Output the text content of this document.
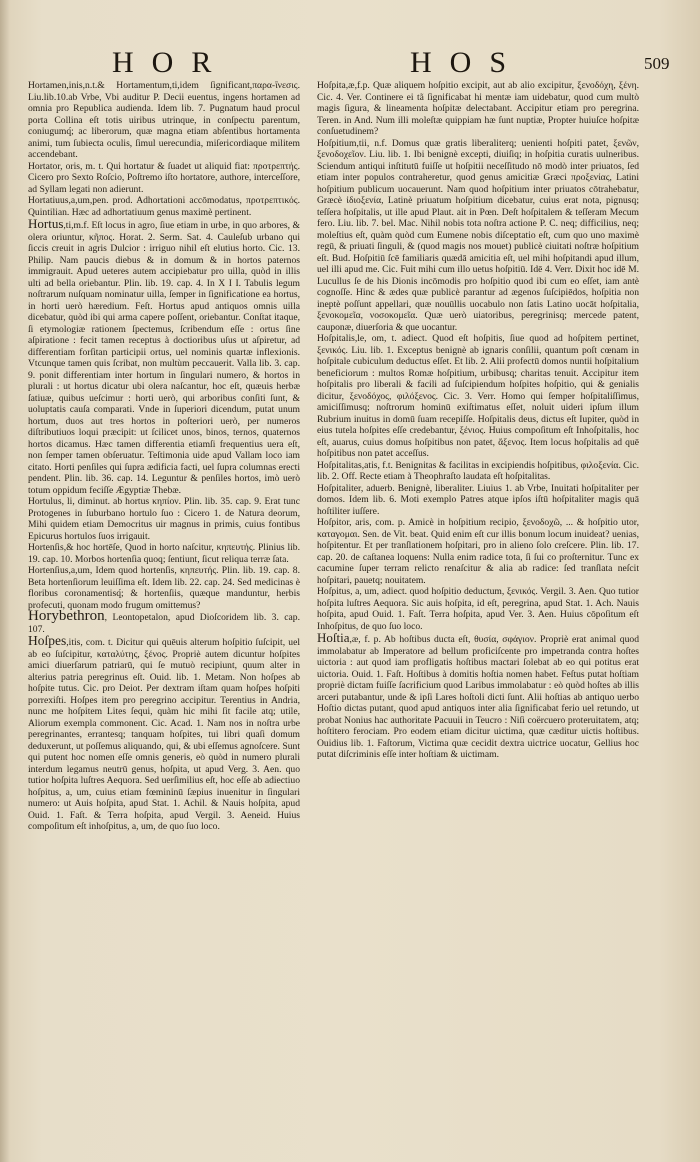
HOR	HOS	509

Hortamen,inis,n.t.& Hortamentum,ti,idem ſignificant,παρα-ΐνεσις. Liu.lib.10.ab Vrbe, Vbi auditur P. Decii euentus, ingens hortamen ad omnia pro Republica audienda. Idem lib. 7. Pugnatum haud procul porta Collina eſt totis uiribus utrinque, in conſpectu parentum, coniugumq́; ac liberorum, quæ magna etiam abſentibus hortamenta animi, tum ſubiecta oculis, ſimul uerecundia, miſericordiaque militem accendebant.

Hortator, oris, m. t. Qui hortatur & ſuadet ut aliquid fiat: προτρεπτής. Cicero pro Sexto Roſcio, Poſtremo iſto hortatore, authore, interceſſore, ad Syllam legati non adierunt.

Hortatiuus,a,um,pen. prod. Adhortationi accōmodatus, προτρεπτικός. Quintilian. Hæc ad adhortatiuum genus maximè pertinent.

Hortus,ti,m.f. Eſt locus in agro, ſiue etiam in urbe, in quo arbores, & olera oriuntur, κῆπος. Horat. 2. Serm. Sat. 4. Cauleſub urbano qui ſiccis creuit in agris Dulcior : irriguo nihil eſt elutius horto. Cic. 13. Philip. Nam paucis diebus & in domum & in hortos paternos immigrauit. Apud ueteres autem accipiebatur pro uilla, quòd in illis ulti ad bella oriebantur. Plin. lib. 19. cap. 4. In X I I. Tabulis legum noſtrarum nuſquam nominatur uilla, ſemper in ſignificatione ea hortus, in horti uerò hæredium. Feſt. Hortus apud antiquos omnis uilla dicebatur, quòd ibi qui arma capere poſſent, oriebantur. Conſtat itaque, ſi etymologiæ rationem ſpectemus, ſcribendum eſſe : ortus ſine aſpiratione : fecit tamen receptus à doctioribus uſus ut aſpiretur, ad differentiam forſitan participii ortus, uel nominis quartæ inflexionis. Vtcunque tamen quis ſcribat, non multùm peccauerit. Valla lib. 3. cap. 9. ponit differentiam inter hortum in ſingulari numero, & hortos in plurali : ut hortus dicatur ubi olera naſcantur, hoc eſt, quæuis herbæ ſatiuæ, quibus ueſcimur : horti uerò, qui arboribus conſiti ſunt, & uoluptatis cauſa comparati. Vnde in ſuperiori dicendum, putat unum hortum, duos aut tres hortos in poſteriori uerò, per numeros diſtributiuos loqui præcipit: ut ſcilicet unos, binos, ternos, quaternos hortos dicamus. Hæc tamen differentia etiamſi frequentius uera eſt, non ſemper tamen obſeruatur. Teſtimonia uide apud Vallam loco iam citato. Horti penſiles qui ſupra ædificia facti, uel ſupra columnas erecti pendent. Plin. lib. 36. cap. 14. Leguntur & penſiles hortos, imò uerò totum oppidum feciſſe Ægyptiæ Thebæ.

Hortulus, li, diminut. ab hortus κηπίον. Plin. lib. 35. cap. 9. Erat tunc Protogenes in ſuburbano hortulo ſuo : Cicero 1. de Natura deorum, Mihi quidem etiam Democritus uir magnus in primis, cuius fontibus Epicurus hortulos ſuos irrigauit.

Hortenſis,& hoc hortēſe, Quod in horto naſcitur, κηπευτής. Plinius lib. 19. cap. 10. Morbos hortenſia quoq; ſentiunt, ſicut reliqua terræ ſata.

Hortenſius,a,um, Idem quod hortenſis, κηπευτής. Plin. lib. 19. cap. 8. Beta hortenſiorum leuiſſima eſt. Idem lib. 22. cap. 24. Sed medicinas è floribus coronamentisq́; & hortenſiis, quæque manduntur, herbis profecuti, quonam modo frugum omittemus?

Horybethron, Leontopetalon, apud Dioſcoridem lib. 3. cap. 107.

Hoſpes,itis, com. t. Dicitur qui quēuis alterum hoſpitio ſuſcipit, uel ab eo ſuſcipitur, καταλύτης, ξένος. Propriè autem dicuntur hoſpites amici diuerſarum patriarū, qui ſe mutuò recipiunt, quum alter in alterius patria peregrinus eſt. Ouid. lib. 1. Metam. Non hoſpes ab hoſpite tutus. Cic. pro Deiot. Per dextram iſtam quam hoſpes hoſpiti porrexiſti. Hoſpes item pro peregrino accipitur. Terentius in Andria, nunc me hoſpitem Lites ſequi, quàm hic mihi ſit facile atq; utile, Aliorum exempla commonent. Cic. Acad. 1. Nam nos in noſtra urbe peregrinantes, errantesq; tanquam hoſpites, tui libri quaſi domum deduxerunt, ut poſſemus aliquando, qui, & ubi eſſemus agnoſcere. Sunt qui putent hoc nomen eſſe omnis generis, eò quòd in numero plurali interdum legamus neutrū genus, hoſpita, ut apud Verg. 3. Aen. quo tutior hoſpita luſtres Aequora. Sed uerſimilius eſt, hoc eſſe ab adiectiuo hoſpitus, a, um, cuius etiam fœmininū ſæpius inuenitur in ſingulari numero: ut Auis hoſpita, apud Stat. 1. Achil. & Nauis hoſpita, apud Ouid. 1. Faſt. & Terra hoſpita, apud Vergil. 3. Aeneid. Huius compoſitum eſt inhoſpitus, a, um, de quo ſuo loco.

Hoſpita,æ,f.p. Quæ aliquem hoſpitio excipit, aut ab alio excipitur, ξενοδόχη, ξένη. Cic. 4. Ver. Continere ei tã ſignificabat hi mentæ iam uidebatur, quod cum multò magis ſigura, & lineamenta hoſpitæ delectabant. Accipitur etiam pro peregrina. Teren. in And. Num illi moleſtæ quippiam hæ ſunt nuptiæ, Propter huiuſce hoſpitæ conſuetudinem?

Hoſpitium,tii, n.f. Domus quæ gratis liberaliterq; uenienti hoſpiti patet, ξενῶν, ξενοδοχεῖον. Liu. lib. 1. Ibi benignè excepti, diuiſiq; in hoſpitia curatis uulneribus. Sciendum antiqui inſtitutū fuiſſe ut hoſpitii neceſſitudo nō modò inter priuatos, ſed etiam inter populos contraheretur, quod genus amicitiæ Græci προξενίας, Latini hoſpitium publicum uocauerunt. Nam quod hoſpitium inter priuatos cōtrahebatur, Græcè ἰδιοξενία, Latinè priuatum hoſpitium dicebatur, cuius erat nota, pignusq; teſſera hoſpitalis, ut ille apud Plaut. ait in Pœn. Deſt hoſpitalem & teſſeram Mecum fero. Liu. lib. 7. bel. Mac. Nihil nobis tota noſtra actione P. C. neq; difficilius, neq; moleſtius eſt, quàm quòd cum Eumene nobis diſceptatio eſt, cum quo uno maximè regū, & priuati ſinguli, & (quod magis nos mouet) publicè ciuitati noſtræ hoſpitium eſt. Bud. Hoſpitiū ſcē familiaris quædā amicitia eſt, uel mihi hoſpitandi apud illum, uel illi apud me. Cic. Fuit mihi cum illo uetus hoſpitiū. Idē 4. Verr. Dixit hoc idē M. Lucullus ſe de his Dionis incōmodis pro hoſpitio quod ibi cum eo eſſet, iam antè cognoſſe. Hinc & ædes quæ publicè parantur ad ægenos ſuſcipiēdos, hoſpitia non ineptè poſſunt appellari, quæ nouūllis uocabulo non ſatis Latino uocāt hoſpitalia, ξενοκομεῖα, νοσοκομεῖα. Quæ uerò uiatoribus, peregrinisq; mercede patent, cauponæ, diuerſoria & que uocantur.

Hoſpitalis,le, om, t. adiect. Quod eſt hoſpitis, ſiue quod ad hoſpitem pertinet, ξενικός. Liu. lib. 1. Exceptus benignè ab ignaris conſilii, quantum poſt cœnam in hoſpitale cubiculum deductus eſſet. Et lib. 2. Alii profectū domos nuntii hoſpitalium beneficiorum : multos Romæ hoſpitium, urbibusq; charitas tenuit. Accipitur item hoſpitalis pro liberali & facili ad ſuſcipiendum hoſpites hoſpitio, qui & genialis dicitur, ξενοδόχος, φιλόξενος. Cic. 3. Verr. Homo qui ſemper hoſpitaliſſimus, amiciſſimusq; noſtrorum hominū exiſtimatus eſſet, noluit uideri ipſum illum Rubrium inuitus in domū ſuam recepiſſe. Hoſpitalis deus, dictus eſt Iupiter, quòd in eius tutela hoſpites eſſe credebantur, ξένιος. Huius compoſitum eſt Inhoſpitalis, hoc eſt, auarus, cuius domus hoſpitibus non patet, ἄξενος. Item locus hoſpitalis ad quē hoſpitibus non patet acceſſus.

Hoſpitalitas,atis, f.t. Benignitas & facilitas in excipiendis hoſpitibus, φιλοξενία. Cic. lib. 2. Off. Recte etiam à Theophraſto laudata eſt hoſpitalitas.

Hoſpitaliter, aduerb. Benignè, liberaliter. Liuius 1. ab Vrbe, Inuitati hoſpitaliter per domos. Idem lib. 6. Moti exemplo Patres atque ipſos iſtū hoſpitaliter magis quā hoſtiliter iuſſere.

Hoſpitor, aris, com. p. Amicè in hoſpitium recipio, ξενοδοχῶ, ... & hoſpitio utor, καταγομαι. Sen. de Vit. beat. Quid enim eſt cur illis bonum locum inuideat? uenias, hoſpitentur. Et per tranſlationem hoſpitari, pro in alieno ſolo creſcere. Plin. lib. 17. cap. 20. de caſtanea loquens: Nulla enim radice tota, ſi ſui co proſternitur. Tunc ex cacumine ſuper terram relicto renaſcitur & alia ab radice: ſed tranſlata neſcit hoſpitari, pauetq; nouitatem.

Hoſpitus, a, um, adiect. quod hoſpitio deductum, ξενικός. Vergil. 3. Aen. Quo tutior hoſpita luſtres Aequora. Sic auis hoſpita, id eſt, peregrina, apud Stat. 1. Ach. Nauis hoſpita, apud Ouid. 1. Faſt. Terra hoſpita, apud Ver. 3. Aen. Huius cōpoſitum eſt Inhoſpitus, de quo ſuo loco.

Hoſtia,æ, f. p. Ab hoſtibus ducta eſt, θυσία, σφάγιον. Propriè erat animal quod immolabatur ab Imperatore ad bellum proficiſcente pro impetranda contra hoſtes uictoria : aut quod iam profligatis hoſtibus mactari ſolebat ab eo qui potitus erat uictoria. Ouid. 1. Faſt. Hoſtibus à domitis hoſtia nomen habet. Feſtus putat hoſtiam propriè dictam fuiſſe ſacrificium quod Laribus immolabatur : eò quòd hoſtes ab illis arceri putabantur, unde & ipſi Lares hoſtoli dicti ſunt. Alii hoſtias ab antiquo uerbo Hoſtio dictas putant, quod apud antiquos inter alia ſignificabat ferio uel retundo, ut probat Nonius hac authoritate Pacuuii in Teucro : Niſi coërcuero proteruitatem, atq; hoſtitero ferociam. Pro eodem etiam dicitur uictima, quæ cæditur uictis hoſtibus. Ouidius lib. 1. Faſtorum, Victima quæ cecidit dextra uictrice uocatur, Gellius hoc putat diſcriminis eſſe inter hoſtiam & uictimam.
